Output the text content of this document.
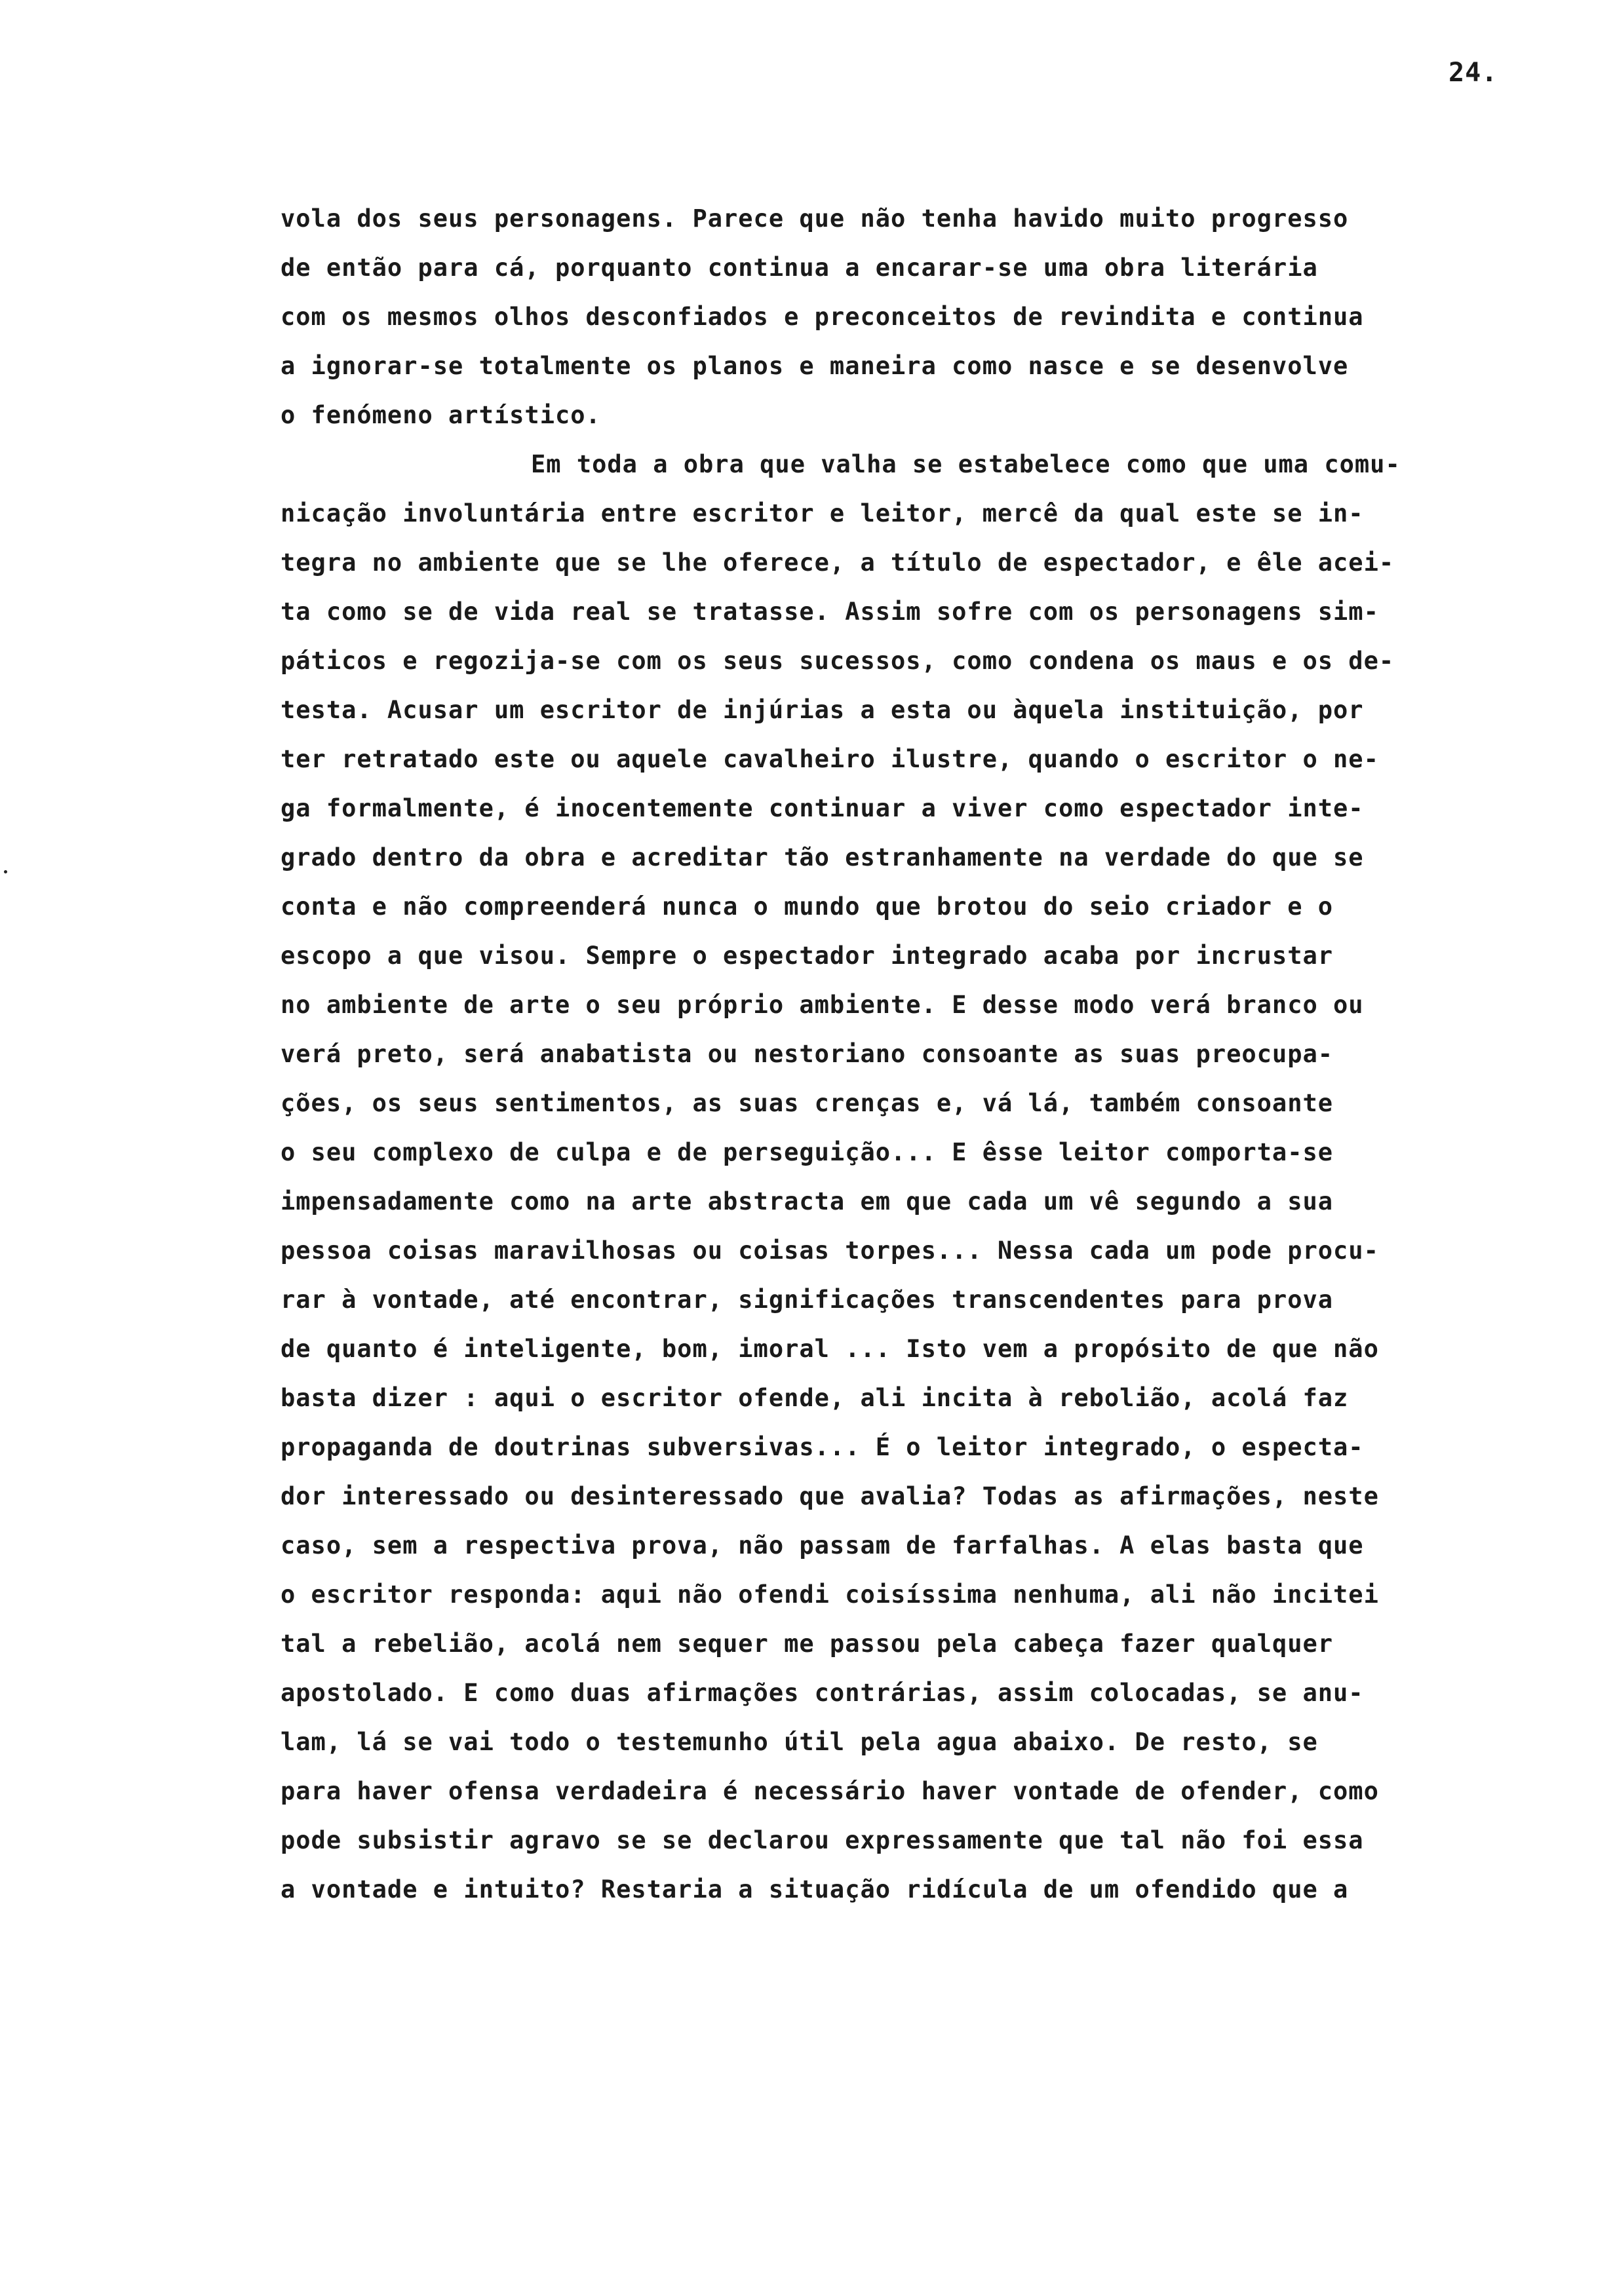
24.
vola dos seus personagens. Parece que não tenha havido muito progresso
de então para cá, porquanto continua a encarar-se uma obra literária
com os mesmos olhos desconfiados e preconceitos de revindita e continua
a ignorar-se totalmente os planos e maneira como nasce e se desenvolve
o fenómeno artístico.
Em toda a obra que valha se estabelece como que uma comu-
nicação involuntária entre escritor e leitor, mercê da qual este se in-
tegra no ambiente que se lhe oferece, a título de espectador, e êle acei-
ta como se de vida real se tratasse. Assim sofre com os personagens sim-
páticos e regozija-se com os seus sucessos, como condena os maus e os de-
testa. Acusar um escritor de injúrias a esta ou àquela instituição, por
ter retratado este ou aquele cavalheiro ilustre, quando o escritor o ne-
ga formalmente, é inocentemente continuar a viver como espectador inte-
grado dentro da obra e acreditar tão estranhamente na verdade do que se
conta e não compreenderá nunca o mundo que brotou do seio criador e o
escopo a que visou. Sempre o espectador integrado acaba por incrustar
no ambiente de arte o seu próprio ambiente. E desse modo verá branco ou
verá preto, será anabatista ou nestoriano consoante as suas preocupa-
ções, os seus sentimentos, as suas crenças e, vá lá, também consoante
o seu complexo de culpa e de perseguição... E êsse leitor comporta-se
impensadamente como na arte abstracta em que cada um vê segundo a sua
pessoa coisas maravilhosas ou coisas torpes... Nessa cada um pode procu-
rar à vontade, até encontrar, significações transcendentes para prova
de quanto é inteligente, bom, imoral ... Isto vem a propósito de que não
basta dizer : aqui o escritor ofende, ali incita à rebolião, acolá faz
propaganda de doutrinas subversivas... É o leitor integrado, o especta-
dor interessado ou desinteressado que avalia? Todas as afirmações, neste
caso, sem a respectiva prova, não passam de farfalhas. A elas basta que
o escritor responda: aqui não ofendi coisíssima nenhuma, ali não incitei
tal a rebelião, acolá nem sequer me passou pela cabeça fazer qualquer
apostolado. E como duas afirmações contrárias, assim colocadas, se anu-
lam, lá se vai todo o testemunho útil pela agua abaixo. De resto, se
para haver ofensa verdadeira é necessário haver vontade de ofender, como
pode subsistir agravo se se declarou expressamente que tal não foi essa
a vontade e intuito? Restaria a situação ridícula de um ofendido que a
